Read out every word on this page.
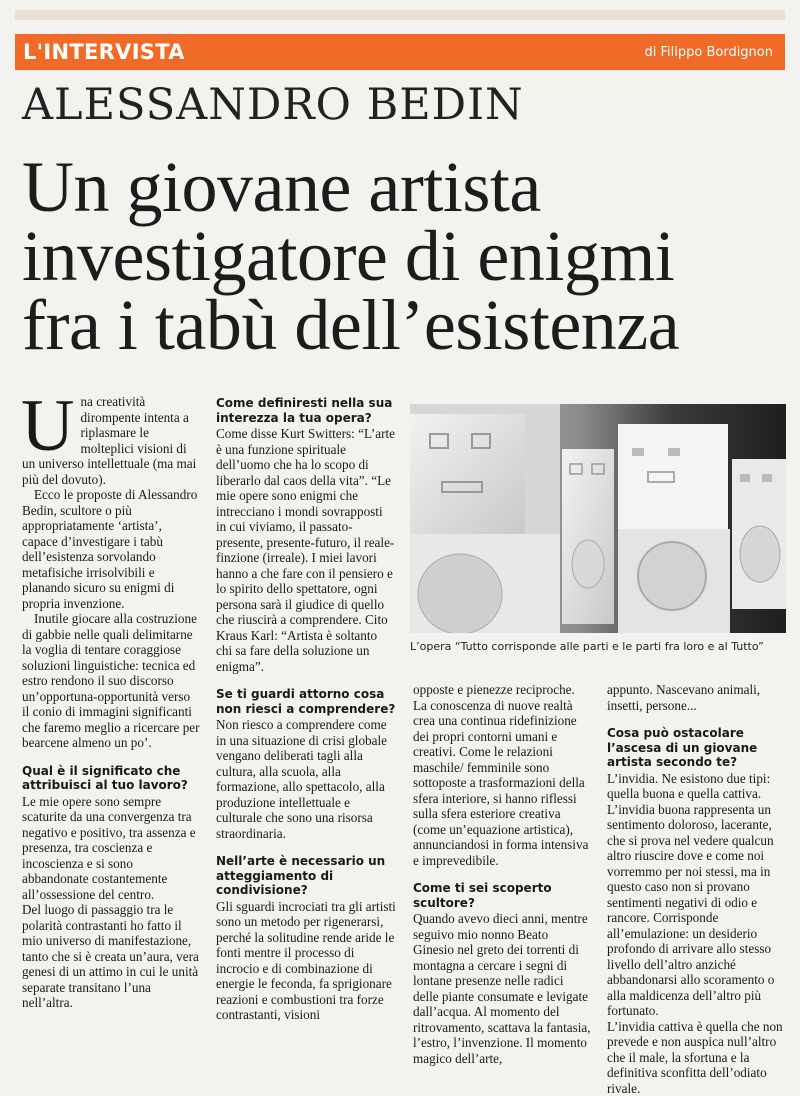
L'INTERVISTA	di Filippo Bordignon
ALESSANDRO BEDIN
Un giovane artista
investigatore di enigmi
fra i tabù dell’esistenza

Una creatività dirompente intenta a riplasmare le molteplici visioni di un universo intellettuale (ma mai più del dovuto).

Ecco le proposte di Alessandro Bedin, scultore o più appropriatamente ‘artista’, capace d’investigare i tabù dell’esistenza sorvolando metafisiche irrisolvibili e planando sicuro su enigmi di propria invenzione.

Inutile giocare alla costruzione di gabbie nelle quali delimitarne la voglia di tentare coraggiose soluzioni linguistiche: tecnica ed estro rendono il suo discorso un’opportuna-opportunità verso il conio di immagini significanti che faremo meglio a ricercare per bearcene almeno un po’.

Qual è il significato che attribuisci al tuo lavoro?

Le mie opere sono sempre scaturite da una convergenza tra negativo e positivo, tra assenza e presenza, tra coscienza e incoscienza e si sono abbandonate costantemente all’ossessione del centro.

Del luogo di passaggio tra le polarità contrastanti ho fatto il mio universo di manifestazione, tanto che si è creata un’aura, vera genesi di un attimo in cui le unità separate transitano l’una nell’altra.

Come definiresti nella sua interezza la tua opera?

Come disse Kurt Switters: “L’arte è una funzione spirituale dell’uomo che ha lo scopo di liberarlo dal caos della vita”. “Le mie opere sono enigmi che intrecciano i mondi sovrapposti in cui viviamo, il passato-presente, presente-futuro, il reale-finzione (irreale). I miei lavori hanno a che fare con il pensiero e lo spirito dello spettatore, ogni persona sarà il giudice di quello che riuscirà a comprendere. Cito Kraus Karl: “Artista è soltanto chi sa fare della soluzione un enigma”.

Se ti guardi attorno cosa non riesci a comprendere?

Non riesco a comprendere come in una situazione di crisi globale vengano deliberati tagli alla cultura, alla scuola, alla formazione, allo spettacolo, alla produzione intellettuale e culturale che sono una risorsa straordinaria.

Nell’arte è necessario un atteggiamento di condivisione?

Gli sguardi incrociati tra gli artisti sono un metodo per rigenerarsi, perché la solitudine rende aride le fonti mentre il processo di incrocio e di combinazione di energie le feconda, fa sprigionare reazioni e combustioni tra forze contrastanti, visioni

L’opera “Tutto corrisponde alle parti e le parti fra loro e al Tutto”

opposte e pienezze reciproche. La conoscenza di nuove realtà crea una continua ridefinizione dei propri contorni umani e creativi. Come le relazioni maschile/ femminile sono sottoposte a trasformazioni della sfera interiore, si hanno riflessi sulla sfera esteriore creativa (come un’equazione artistica), annunciandosi in forma intensiva e imprevedibile.

Come ti sei scoperto scultore?

Quando avevo dieci anni, mentre seguivo mio nonno Beato Ginesio nel greto dei torrenti di montagna a cercare i segni di lontane presenze nelle radici delle piante consumate e levigate dall’acqua. Al momento del ritrovamento, scattava la fantasia, l’estro, l’invenzione. Il momento magico dell’arte,

appunto. Nascevano animali, insetti, persone...

Cosa può ostacolare l’ascesa di un giovane artista secondo te?

L’invidia. Ne esistono due tipi: quella buona e quella cattiva. L’invidia buona rappresenta un sentimento doloroso, lacerante, che si prova nel vedere qualcun altro riuscire dove e come noi vorremmo per noi stessi, ma in questo caso non si provano sentimenti negativi di odio e rancore. Corrisponde all’emulazione: un desiderio profondo di arrivare allo stesso livello dell’altro anziché abbandonarsi allo scoramento o alla maldicenza dell’altro più fortunato.

L’invidia cattiva è quella che non prevede e non auspica null’altro che il male, la sfortuna e la definitiva sconfitta dell’odiato rivale.
